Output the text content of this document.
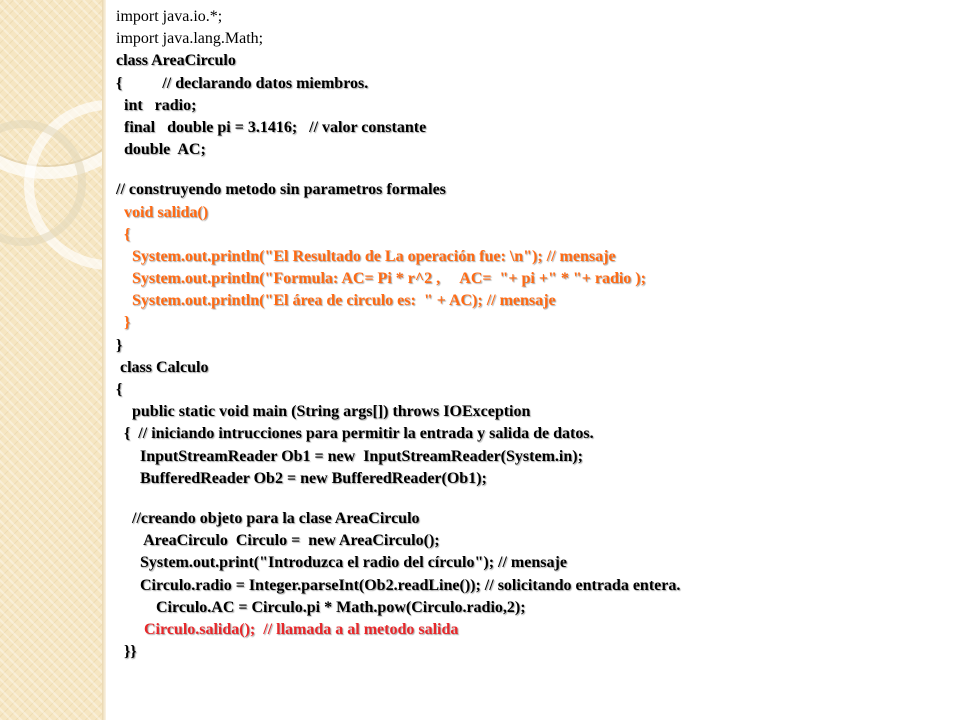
import java.io.*;
import java.lang.Math;
class AreaCirculo
{          // declarando datos miembros.
int   radio;
final   double pi = 3.1416;   // valor constante
double  AC;
// construyendo metodo sin parametros formales
void salida()
{
System.out.println("El Resultado de La operación fue: \n"); // mensaje
System.out.println("Formula: AC= Pi * r^2 ,     AC=  "+ pi +" * "+ radio );
System.out.println("El área de circulo es:  " + AC); // mensaje
}
}
class Calculo
{
public static void main (String args[]) throws IOException
{  // iniciando intrucciones para permitir la entrada y salida de datos.
InputStreamReader Ob1 = new  InputStreamReader(System.in);
BufferedReader Ob2 = new BufferedReader(Ob1);
//creando objeto para la clase AreaCirculo
AreaCirculo  Circulo =  new AreaCirculo();
System.out.print("Introduzca el radio del círculo"); // mensaje
Circulo.radio = Integer.parseInt(Ob2.readLine()); // solicitando entrada entera.
Circulo.AC = Circulo.pi * Math.pow(Circulo.radio,2);
Circulo.salida();  // llamada a al metodo salida
}}
